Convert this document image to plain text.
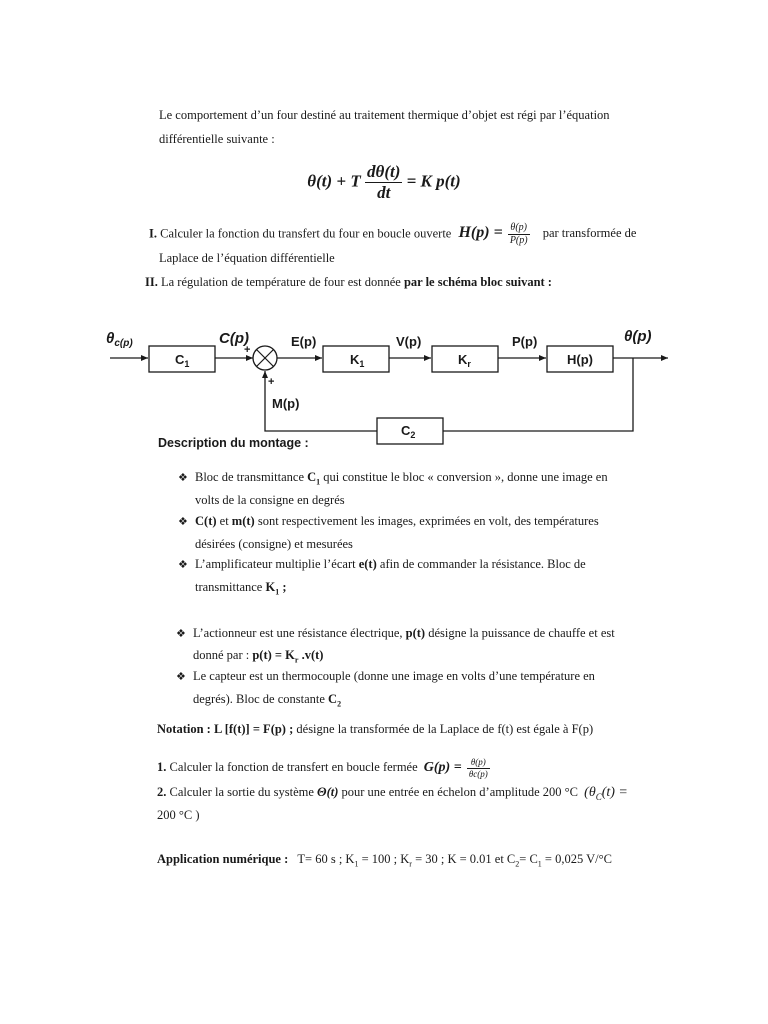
Le comportement d’un four destiné au traitement thermique d’objet est régi par l’équation
différentielle suivante :
θ(t) + T $\frac{d\theta(t)}{dt} = K$ p(t)
I. Calculer la fonction du transfert du four en boucle ouverte $H(p) = \frac{\theta(p)}{P(p)}$ par transformée de
Laplace de l’équation différentielle
II. La régulation de température de four est donnée par le schéma bloc suivant :
$\theta_{c(p)}$
$C_1$
C(p)
+
E(p)
$K_1$
V(p)
$K_r$
P(p)
H(p)
θ(p)
$C_2$
+
M(p)
Description du montage :
❖ Bloc de transmittance $C_1$ qui constitue le bloc « conversion », donne une image en
volts de la consigne en degrés
❖ C(t) et m(t) sont respectivement les images, exprimées en volt, des températures
désirées (consigne) et mesurées
❖ L’amplificateur multiplie l’écart e(t) afin de commander la résistance. Bloc de
transmittance $K_1$ ;
❖ L’actionneur est une résistance électrique, p(t) désigne la puissance de chauffe et est
donné par : $p(t) = K_r$ .v(t)
❖ Le capteur est un thermocouple (donne une image en volts d’une température en
degrés). Bloc de constante $C_2$
Notation : L [f(t)] = F(p) ; désigne la transformée de la Laplace de f(t) est égale à F(p)
1. Calculer la fonction de transfert en boucle fermée $G(p) = \frac{\theta(p)}{\theta c(p)}$
2. Calculer la sortie du système Θ(t) pour une entrée en échelon d’amplitude 200 °C ($\theta_C(t)$ =
200 °C )
Application numérique : T= 60 s ; $K_1 = 100$ ; $K_r = 30$ ; K = 0.01 et $C_2= C_1 = 0,025$ V/°C
